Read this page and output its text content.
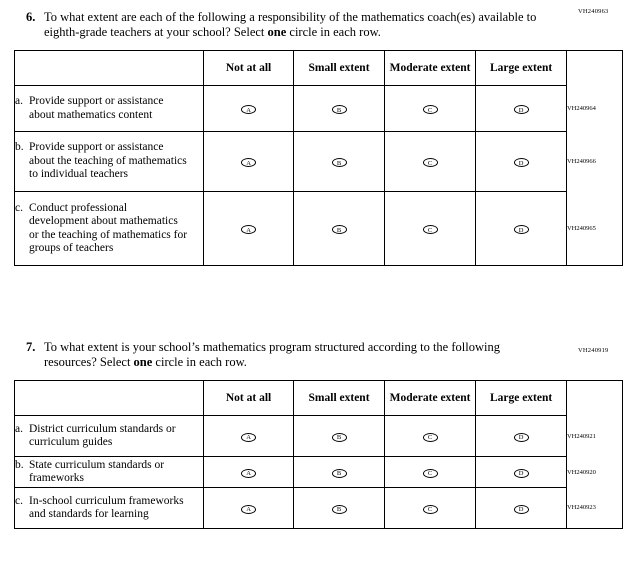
VH240963
6. To what extent are each of the following a responsibility of the mathematics coach(es) available to eighth-grade teachers at your school? Select one circle in each row.
	Not at all	Small extent	Moderate extent	Large extent	
a. Provide support or assistance about mathematics content	A	B	C	D	VH240964
b. Provide support or assistance about the teaching of mathematics to individual teachers	A	B	C	D	VH240966
c. Conduct professional development about mathematics or the teaching of mathematics for groups of teachers	A	B	C	D	VH240965
VH240919
7. To what extent is your school’s mathematics program structured according to the following resources? Select one circle in each row.
	Not at all	Small extent	Moderate extent	Large extent	
a. District curriculum standards or curriculum guides	A	B	C	D	VH240921
b. State curriculum standards or frameworks	A	B	C	D	VH240920
c. In-school curriculum frameworks and standards for learning	A	B	C	D	VH240923
